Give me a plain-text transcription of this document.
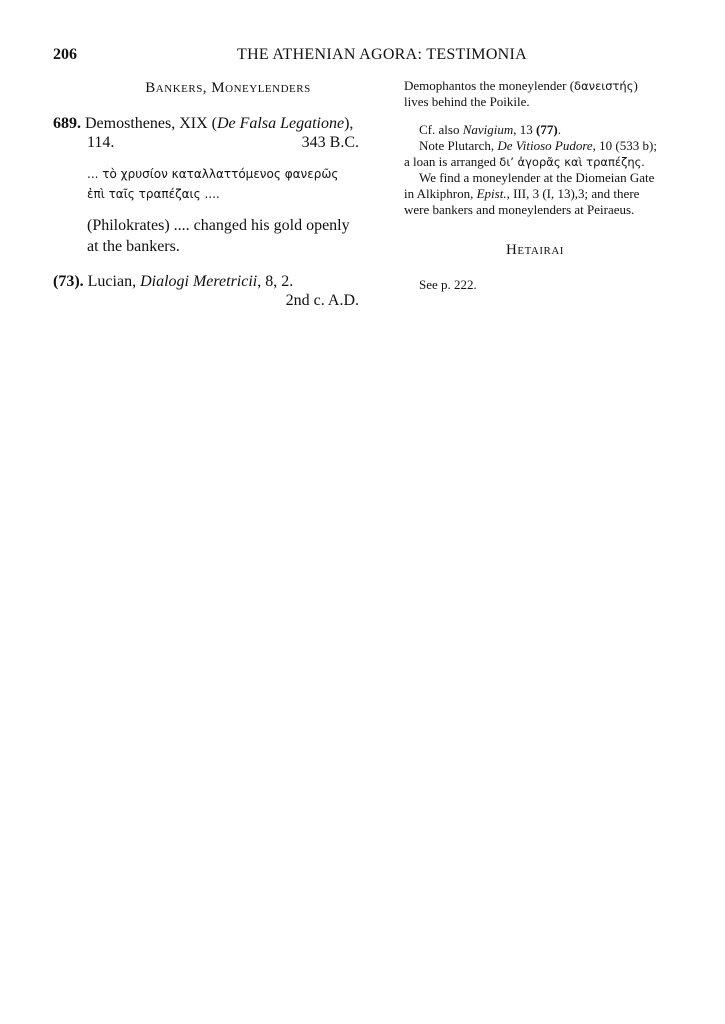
206	THE ATHENIAN AGORA: TESTIMONIA
Bankers, Moneylenders
689. Demosthenes, XIX (De Falsa Legatione),
114.	343 B.C.
... τὸ χρυσίον καταλλαττόμενος φανερῶς
ἐπὶ ταῖς τραπέζαις ....
(Philokrates) .... changed his gold openly
at the bankers.
(73). Lucian, Dialogi Meretricii, 8, 2.
2nd c. A.D.
Demophantos the moneylender (δανειστής)
lives behind the Poikile.
Cf. also Navigium, 13 (77).
Note Plutarch, De Vitioso Pudore, 10 (533 b);
a loan is arranged δι’ ἀγορᾶς καὶ τραπέζης.
We find a moneylender at the Diomeian Gate
in Alkiphron, Epist., III, 3 (I, 13),3; and there
were bankers and moneylenders at Peiraeus.
Hetairai
See p. 222.
